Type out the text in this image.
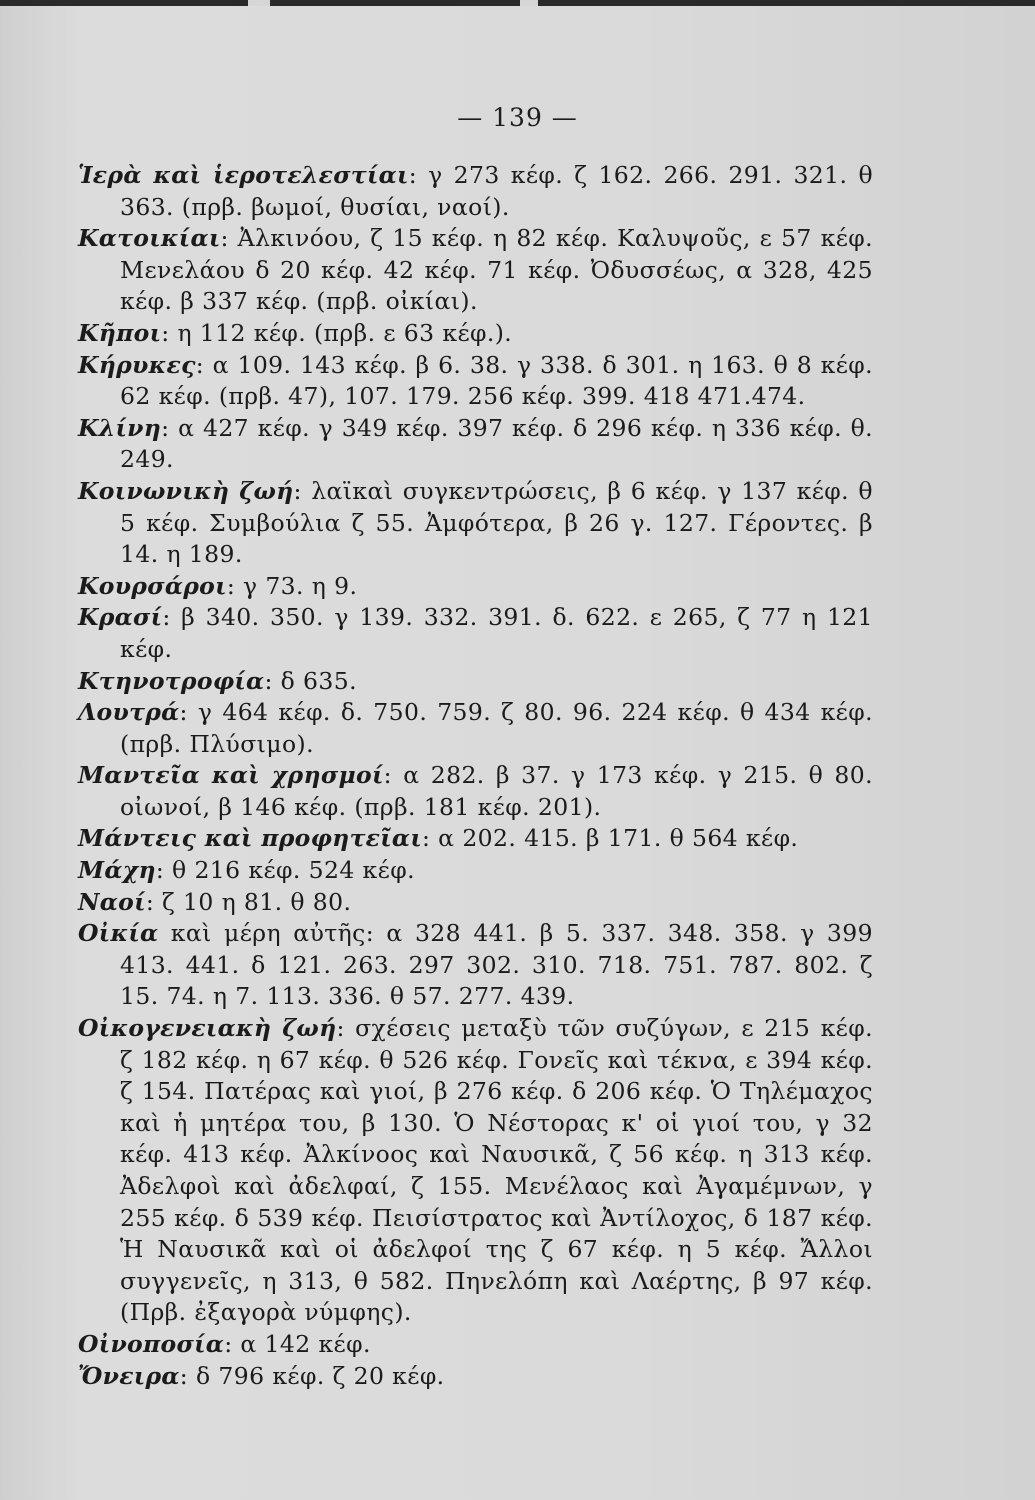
— 139 —

Ἱερὰ καὶ ἱεροτελεστίαι: γ 273 κέφ. ζ 162. 266. 291. 321. θ 363. (πρβ. βωμοί, θυσίαι, ναοί).

Κατοικίαι: Ἀλκινόου, ζ 15 κέφ. η 82 κέφ. Καλυψοῦς, ε 57 κέφ. Μενελάου δ 20 κέφ. 42 κέφ. 71 κέφ. Ὀδυσσέως, α 328, 425 κέφ. β 337 κέφ. (πρβ. οἰκίαι).

Κῆποι: η 112 κέφ. (πρβ. ε 63 κέφ.).

Κήρυκες: α 109. 143 κέφ. β 6. 38. γ 338. δ 301. η 163. θ 8 κέφ. 62 κέφ. (πρβ. 47), 107. 179. 256 κέφ. 399. 418 471.474.

Κλίνη: α 427 κέφ. γ 349 κέφ. 397 κέφ. δ 296 κέφ. η 336 κέφ. θ. 249.

Κοινωνικὴ ζωή: λαϊκαὶ συγκεντρώσεις, β 6 κέφ. γ 137 κέφ. θ 5 κέφ. Συμβούλια ζ 55. Ἀμφότερα, β 26 γ. 127. Γέροντες. β 14. η 189.

Κουρσάροι: γ 73. η 9.

Κρασί: β 340. 350. γ 139. 332. 391. δ. 622. ε 265, ζ 77 η 121 κέφ.

Κτηνοτροφία: δ 635.

Λουτρά: γ 464 κέφ. δ. 750. 759. ζ 80. 96. 224 κέφ. θ 434 κέφ. (πρβ. Πλύσιμο).

Μαντεῖα καὶ χρησμοί: α 282. β 37. γ 173 κέφ. γ 215. θ 80. οἰωνοί, β 146 κέφ. (πρβ. 181 κέφ. 201).

Μάντεις καὶ προφητεῖαι: α 202. 415. β 171. θ 564 κέφ.

Μάχη: θ 216 κέφ. 524 κέφ.

Ναοί: ζ 10 η 81. θ 80.

Οἰκία καὶ μέρη αὐτῆς: α 328 441. β 5. 337. 348. 358. γ 399 413. 441. δ 121. 263. 297 302. 310. 718. 751. 787. 802. ζ 15. 74. η 7. 113. 336. θ 57. 277. 439.

Οἰκογενειακὴ ζωή: σχέσεις μεταξὺ τῶν συζύγων, ε 215 κέφ. ζ 182 κέφ. η 67 κέφ. θ 526 κέφ. Γονεῖς καὶ τέκνα, ε 394 κέφ. ζ 154. Πατέρας καὶ γιοί, β 276 κέφ. δ 206 κέφ. Ὁ Τηλέμαχος καὶ ἡ μητέρα του, β 130. Ὁ Νέστορας κ' οἱ γιοί του, γ 32 κέφ. 413 κέφ. Ἀλκίνοος καὶ Ναυσικᾶ, ζ 56 κέφ. η 313 κέφ. Ἀδελφοὶ καὶ ἀδελφαί, ζ 155. Μενέλαος καὶ Ἀγαμέμνων, γ 255 κέφ. δ 539 κέφ. Πεισίστρατος καὶ Ἀντίλοχος, δ 187 κέφ. Ἡ Ναυσικᾶ καὶ οἱ ἀδελφοί της ζ 67 κέφ. η 5 κέφ. Ἄλλοι συγγενεῖς, η 313, θ 582. Πηνελόπη καὶ Λαέρτης, β 97 κέφ. (Πρβ. ἐξαγορὰ νύμφης).

Οἰνοποσία: α 142 κέφ.

Ὄνειρα: δ 796 κέφ. ζ 20 κέφ.
